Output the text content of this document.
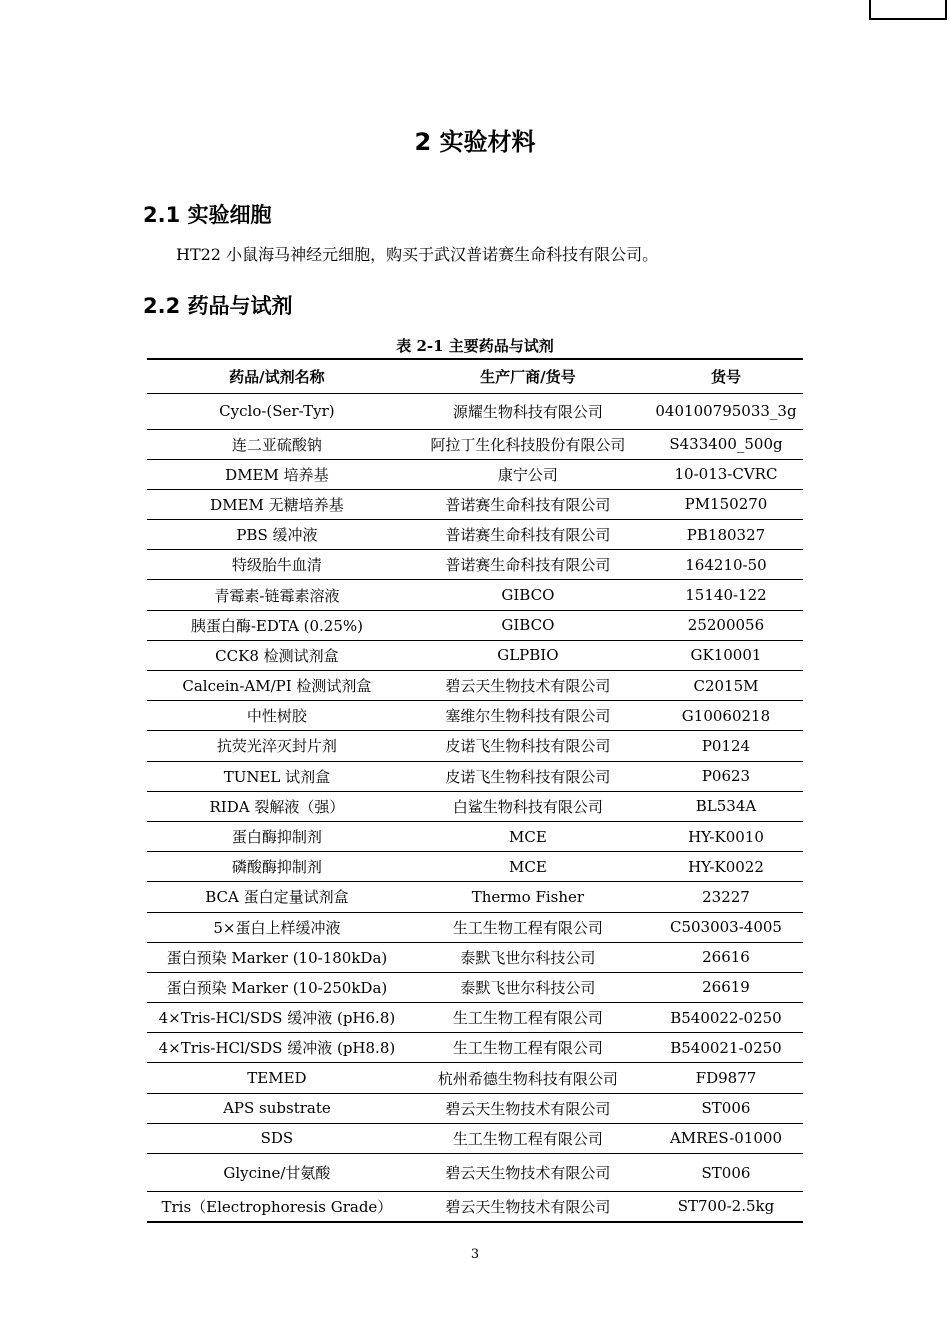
2 实验材料
2.1 实验细胞
HT22 小鼠海马神经元细胞，购买于武汉普诺赛生命科技有限公司。
2.2 药品与试剂
表 2-1 主要药品与试剂
药品/试剂名称	生产厂商/货号	货号
Cyclo-(Ser-Tyr)	源耀生物科技有限公司	040100795033_3g
连二亚硫酸钠	阿拉丁生化科技股份有限公司	S433400_500g
DMEM 培养基	康宁公司	10-013-CVRC
DMEM 无糖培养基	普诺赛生命科技有限公司	PM150270
PBS 缓冲液	普诺赛生命科技有限公司	PB180327
特级胎牛血清	普诺赛生命科技有限公司	164210-50
青霉素-链霉素溶液	GIBCO	15140-122
胰蛋白酶-EDTA (0.25%)	GIBCO	25200056
CCK8 检测试剂盒	GLPBIO	GK10001
Calcein-AM/PI 检测试剂盒	碧云天生物技术有限公司	C2015M
中性树胶	塞维尔生物科技有限公司	G10060218
抗荧光淬灭封片剂	皮诺飞生物科技有限公司	P0124
TUNEL 试剂盒	皮诺飞生物科技有限公司	P0623
RIDA 裂解液（强）	白鲨生物科技有限公司	BL534A
蛋白酶抑制剂	MCE	HY-K0010
磷酸酶抑制剂	MCE	HY-K0022
BCA 蛋白定量试剂盒	Thermo Fisher	23227
5×蛋白上样缓冲液	生工生物工程有限公司	C503003-4005
蛋白预染 Marker (10-180kDa)	泰默飞世尔科技公司	26616
蛋白预染 Marker (10-250kDa)	泰默飞世尔科技公司	26619
4×Tris-HCl/SDS 缓冲液 (pH6.8)	生工生物工程有限公司	B540022-0250
4×Tris-HCl/SDS 缓冲液 (pH8.8)	生工生物工程有限公司	B540021-0250
TEMED	杭州希德生物科技有限公司	FD9877
APS substrate	碧云天生物技术有限公司	ST006
SDS	生工生物工程有限公司	AMRES-01000
Glycine/甘氨酸	碧云天生物技术有限公司	ST006
Tris（Electrophoresis Grade）	碧云天生物技术有限公司	ST700-2.5kg
3
